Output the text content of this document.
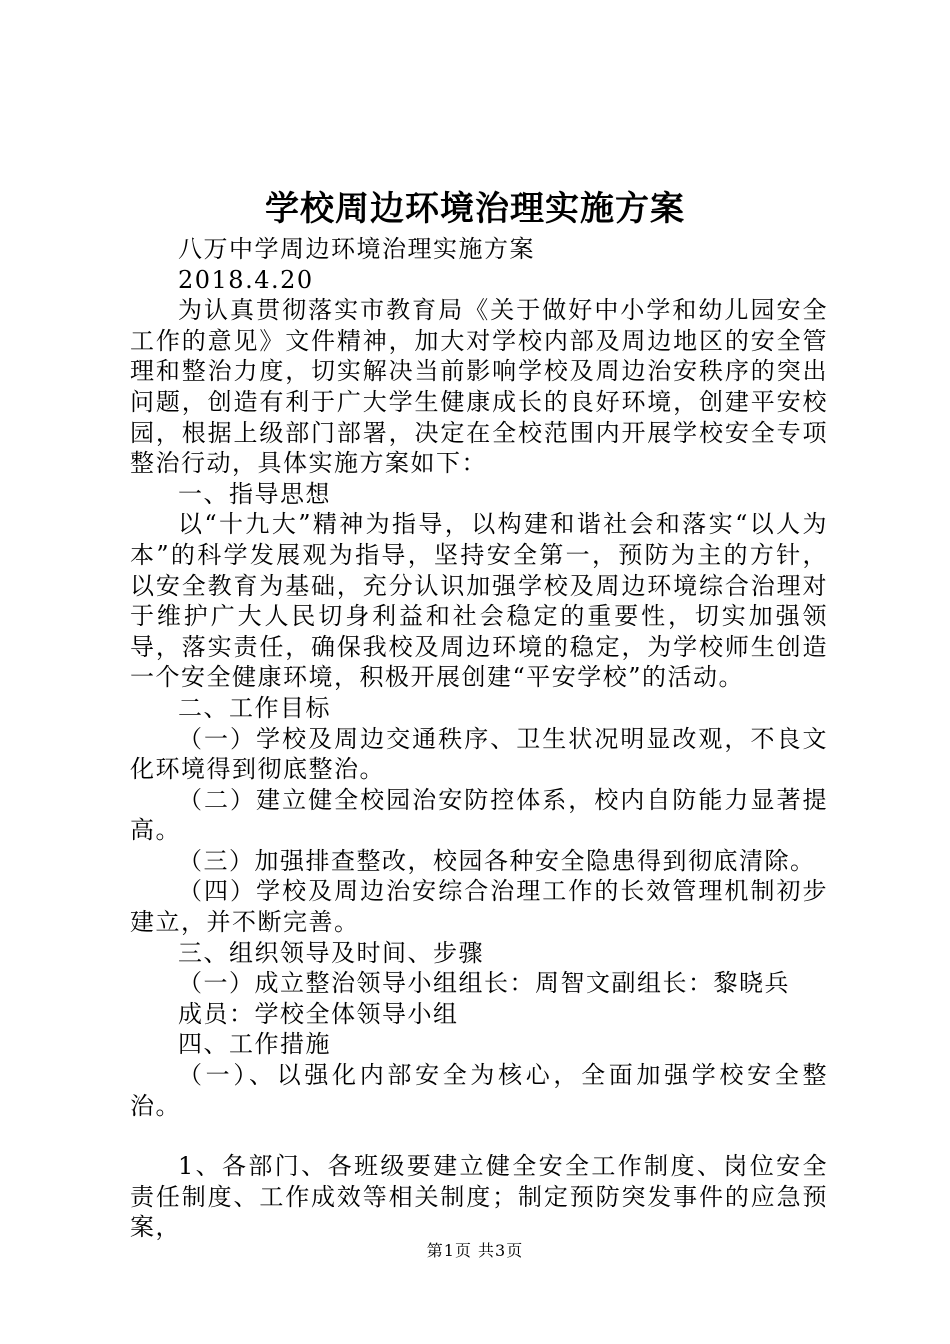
学校周边环境治理实施方案

八万中学周边环境治理实施方案

2018.4.20

为认真贯彻落实市教育局《关于做好中小学和幼儿园安全工作的意见》文件精神，加大对学校内部及周边地区的安全管理和整治力度，切实解决当前影响学校及周边治安秩序的突出问题，创造有利于广大学生健康成长的良好环境，创建平安校园，根据上级部门部署，决定在全校范围内开展学校安全专项整治行动，具体实施方案如下：

一、指导思想

以“十九大”精神为指导，以构建和谐社会和落实“以人为本”的科学发展观为指导，坚持安全第一，预防为主的方针，以安全教育为基础，充分认识加强学校及周边环境综合治理对于维护广大人民切身利益和社会稳定的重要性，切实加强领导，落实责任，确保我校及周边环境的稳定，为学校师生创造一个安全健康环境，积极开展创建“平安学校”的活动。

二、工作目标

（一）学校及周边交通秩序、卫生状况明显改观，不良文化环境得到彻底整治。

（二）建立健全校园治安防控体系，校内自防能力显著提高。

（三）加强排查整改，校园各种安全隐患得到彻底清除。

（四）学校及周边治安综合治理工作的长效管理机制初步建立，并不断完善。

三、组织领导及时间、步骤

（一）成立整治领导小组组长：周智文副组长：黎晓兵

成员：学校全体领导小组

四、工作措施

（一）、以强化内部安全为核心，全面加强学校安全整治。

1、各部门、各班级要建立健全安全工作制度、岗位安全责任制度、工作成效等相关制度；制定预防突发事件的应急预案，

第1页 共3页
